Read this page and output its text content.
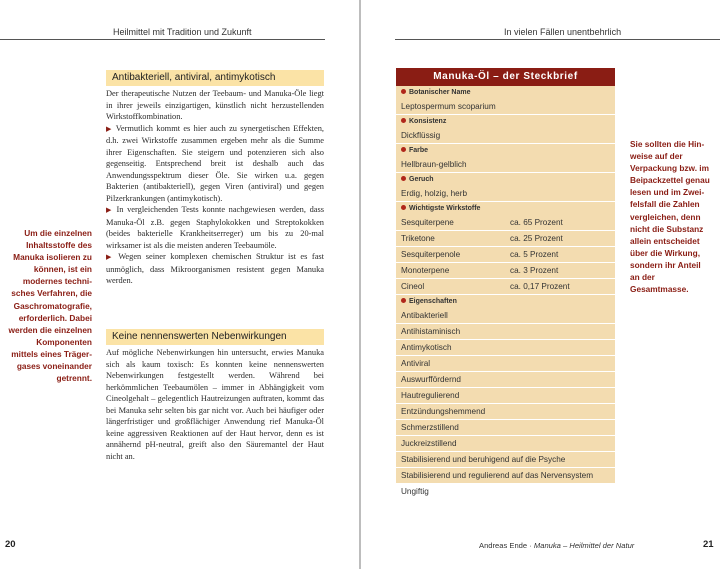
Heilmittel mit Tradition und Zukunft	In vielen Fällen unentbehrlich
Um die einzelnen Inhaltsstoffe des Manuka isolieren zu können, ist ein modernes technisches Verfahren, die Gaschromatografie, erforderlich. Dabei werden die einzelnen Komponenten mittels eines Trägergases voneinander getrennt.
Antibakteriell, antiviral, antimykotisch

Der therapeutische Nutzen der Teebaum- und Manuka-Öle liegt in ihrer jeweils einzigartigen, künstlich nicht herzustellenden Wirkstoffkombination.

▶ Vermutlich kommt es hier auch zu synergetischen Effekten, d.h. zwei Wirkstoffe zusammen ergeben mehr als die Summe ihrer Eigenschaften. Sie steigern und potenzieren sich also gegenseitig. Entsprechend breit ist deshalb auch das Anwendungsspektrum dieser Öle. Sie wirken u.a. gegen Bakterien (antibakteriell), gegen Viren (antiviral) und gegen Pilzerkrankungen (antimykotisch).

▶ In vergleichenden Tests konnte nachgewiesen werden, dass Manuka-Öl z.B. gegen Staphylokokken und Streptokokken (beides bakterielle Krankheitserreger) um bis zu 20-mal wirksamer ist als die meisten anderen Teebaumöle.

▶ Wegen seiner komplexen chemischen Struktur ist es fast unmöglich, dass Mikroorganismen resistent gegen Manuka werden.

Keine nennenswerten Nebenwirkungen

Auf mögliche Nebenwirkungen hin untersucht, erwies Manuka sich als kaum toxisch: Es konnten keine nennenswerten Nebenwirkungen festgestellt werden. Während bei herkömmlichen Teebaumölen – immer in Abhängigkeit vom Cineolgehalt – gelegentlich Hautreizungen auftraten, kommt das bei Manuka sehr selten bis gar nicht vor. Auch bei häufiger oder längerfristiger und großflächiger Anwendung rief Manuka-Öl keine aggressiven Reaktionen auf der Haut hervor, denn es ist annähernd pH-neutral, greift also den Säuremantel der Haut nicht an.

Manuka-Öl – der Steckbrief
Botanischer Name
Leptospermum scoparium
Konsistenz
Dickflüssig
Farbe
Hellbraun-gelblich
Geruch
Erdig, holzig, herb
Wichtigste Wirkstoffe
Sesquiterpene	ca. 65 Prozent
Triketone	ca. 25 Prozent
Sesquiterpenole	ca. 5 Prozent
Monoterpene	ca. 3 Prozent
Cineol	ca. 0,17 Prozent
Eigenschaften
Antibakteriell
Antihistaminisch
Antimykotisch
Antiviral
Auswurffördernd
Hautregulierend
Entzündungshemmend
Schmerzstillend
Juckreizstillend
Stabilisierend und beruhigend auf die Psyche
Stabilisierend und regulierend auf das Nervensystem
Ungiftig
Sie sollten die Hinweise auf der Verpackung bzw. im Beipackzettel genau lesen und im Zweifelsfall die Zahlen vergleichen, denn nicht die Substanz allein entscheidet über die Wirkung, sondern ihr Anteil an der Gesamtmasse.
20	Andreas Ende · Manuka – Heilmittel der Natur	21
